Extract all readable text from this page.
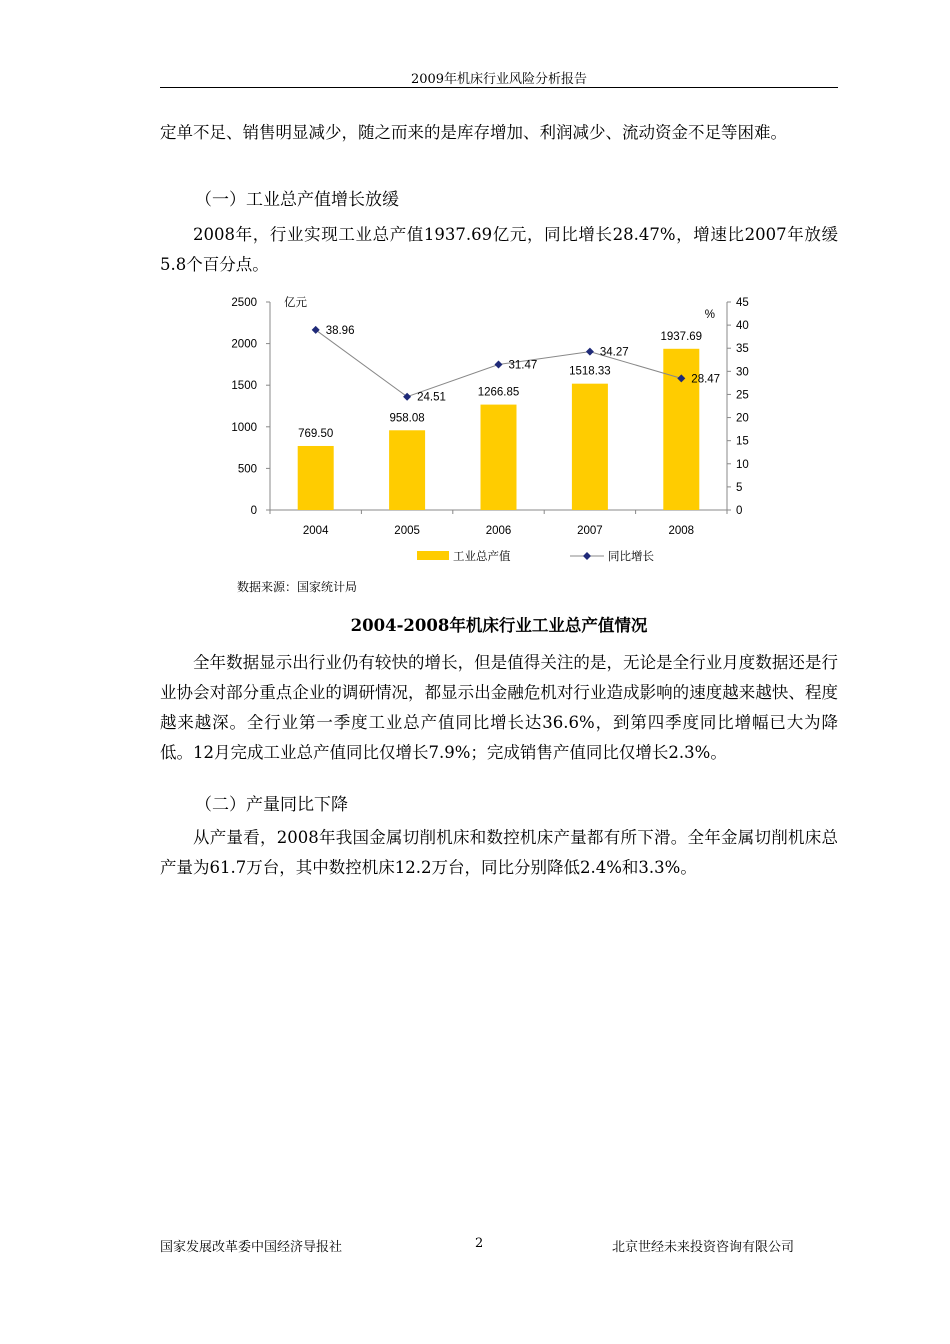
2009年机床行业风险分析报告

定单不足、销售明显减少，随之而来的是库存增加、利润减少、流动资金不足等困难。

（一）工业总产值增长放缓

2008年，行业实现工业总产值1937.69亿元，同比增长28.47%，增速比2007年放缓5.8个百分点。

0
500
1000
1500
2000
2500
0
5
10
15
20
25
30
35
40
45
2004	2005	2006	2007	2008
亿元
%
769.50
958.08
1266.85
1518.33
1937.69
38.96
24.51
31.47
34.27
28.47
工业总产值	同比增长
数据来源：国家统计局

2004-2008年机床行业工业总产值情况

全年数据显示出行业仍有较快的增长，但是值得关注的是，无论是全行业月度数据还是行业协会对部分重点企业的调研情况，都显示出金融危机对行业造成影响的速度越来越快、程度越来越深。全行业第一季度工业总产值同比增长达36.6%，到第四季度同比增幅已大为降低。12月完成工业总产值同比仅增长7.9%；完成销售产值同比仅增长2.3%。

（二）产量同比下降

从产量看，2008年我国金属切削机床和数控机床产量都有所下滑。全年金属切削机床总产量为61.7万台，其中数控机床12.2万台，同比分别降低2.4%和3.3%。

国家发展改革委中国经济导报社	2	北京世经未来投资咨询有限公司
